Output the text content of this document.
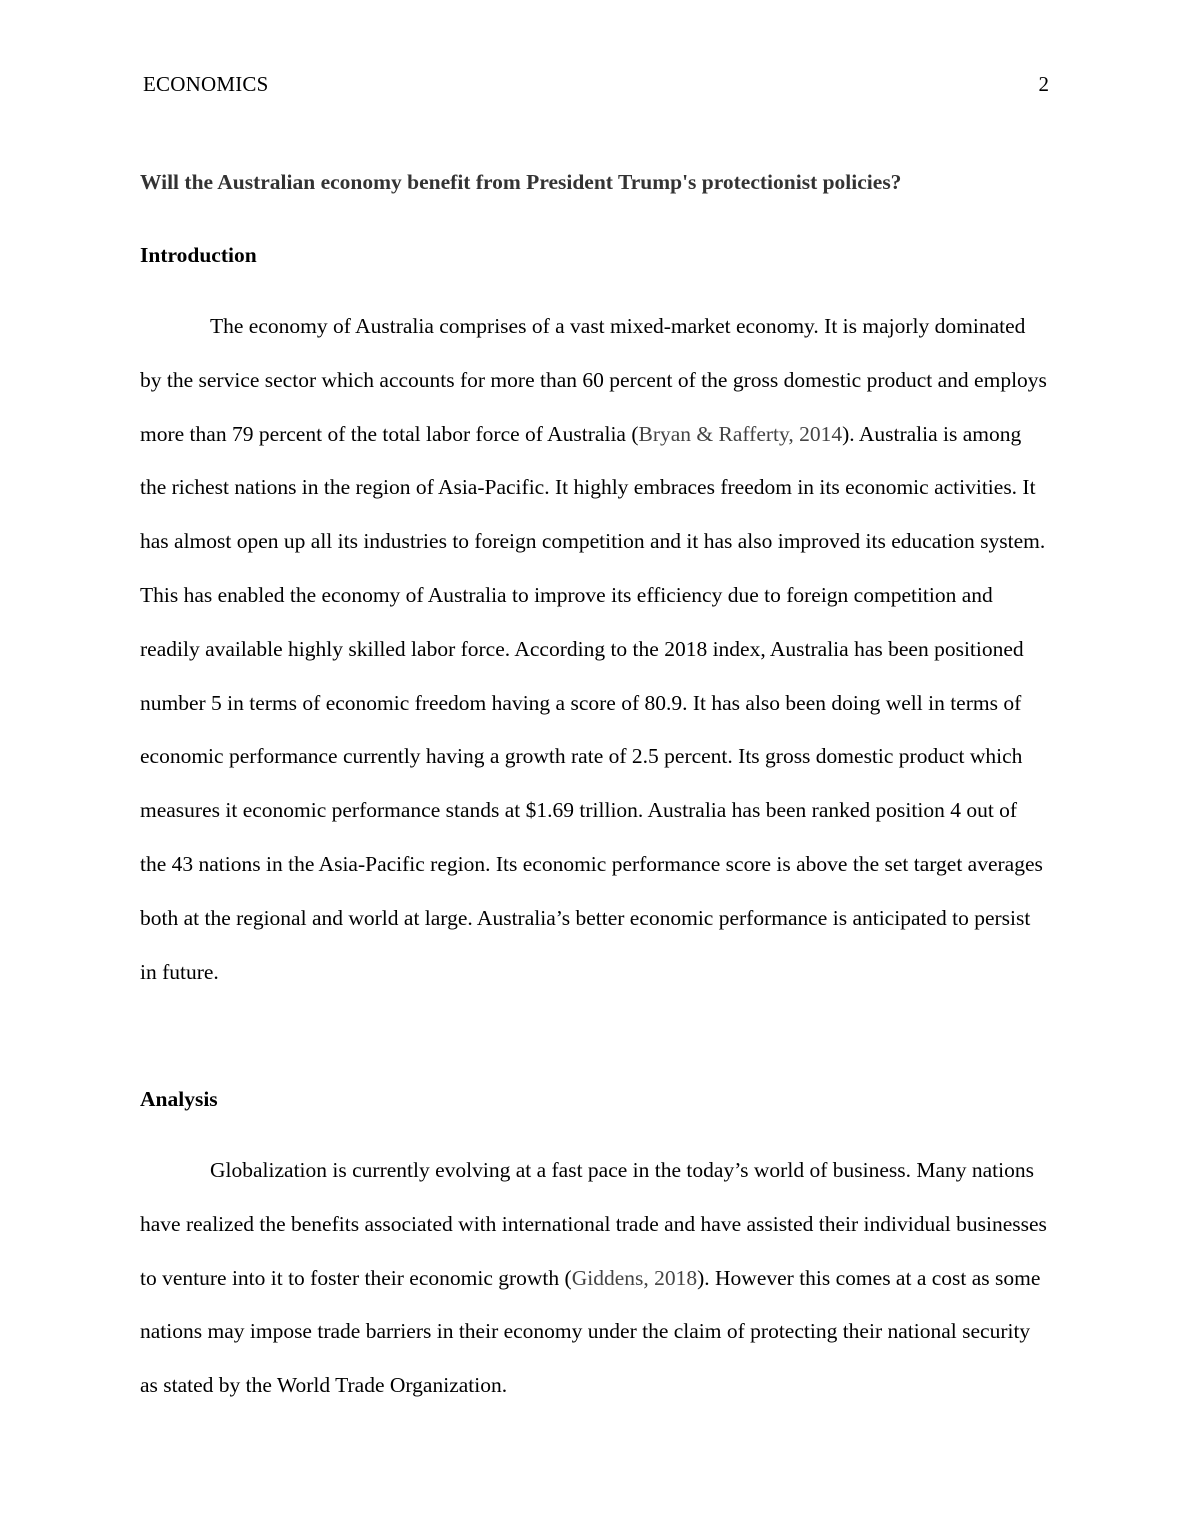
ECONOMICS	2
Will the Australian economy benefit from President Trump's protectionist policies?
Introduction

The economy of Australia comprises of a vast mixed-market economy. It is majorly dominated by the service sector which accounts for more than 60 percent of the gross domestic product and employs more than 79 percent of the total labor force of Australia (Bryan & Rafferty, 2014). Australia is among the richest nations in the region of Asia-Pacific. It highly embraces freedom in its economic activities. It has almost open up all its industries to foreign competition and it has also improved its education system. This has enabled the economy of Australia to improve its efficiency due to foreign competition and readily available highly skilled labor force. According to the 2018 index, Australia has been positioned number 5 in terms of economic freedom having a score of 80.9. It has also been doing well in terms of economic performance currently having a growth rate of 2.5 percent. Its gross domestic product which measures it economic performance stands at $1.69 trillion. Australia has been ranked position 4 out of the 43 nations in the Asia-Pacific region. Its economic performance score is above the set target averages both at the regional and world at large. Australia’s better economic performance is anticipated to persist in future.

Analysis

Globalization is currently evolving at a fast pace in the today’s world of business. Many nations have realized the benefits associated with international trade and have assisted their individual businesses to venture into it to foster their economic growth (Giddens, 2018). However this comes at a cost as some nations may impose trade barriers in their economy under the claim of protecting their national security as stated by the World Trade Organization.
